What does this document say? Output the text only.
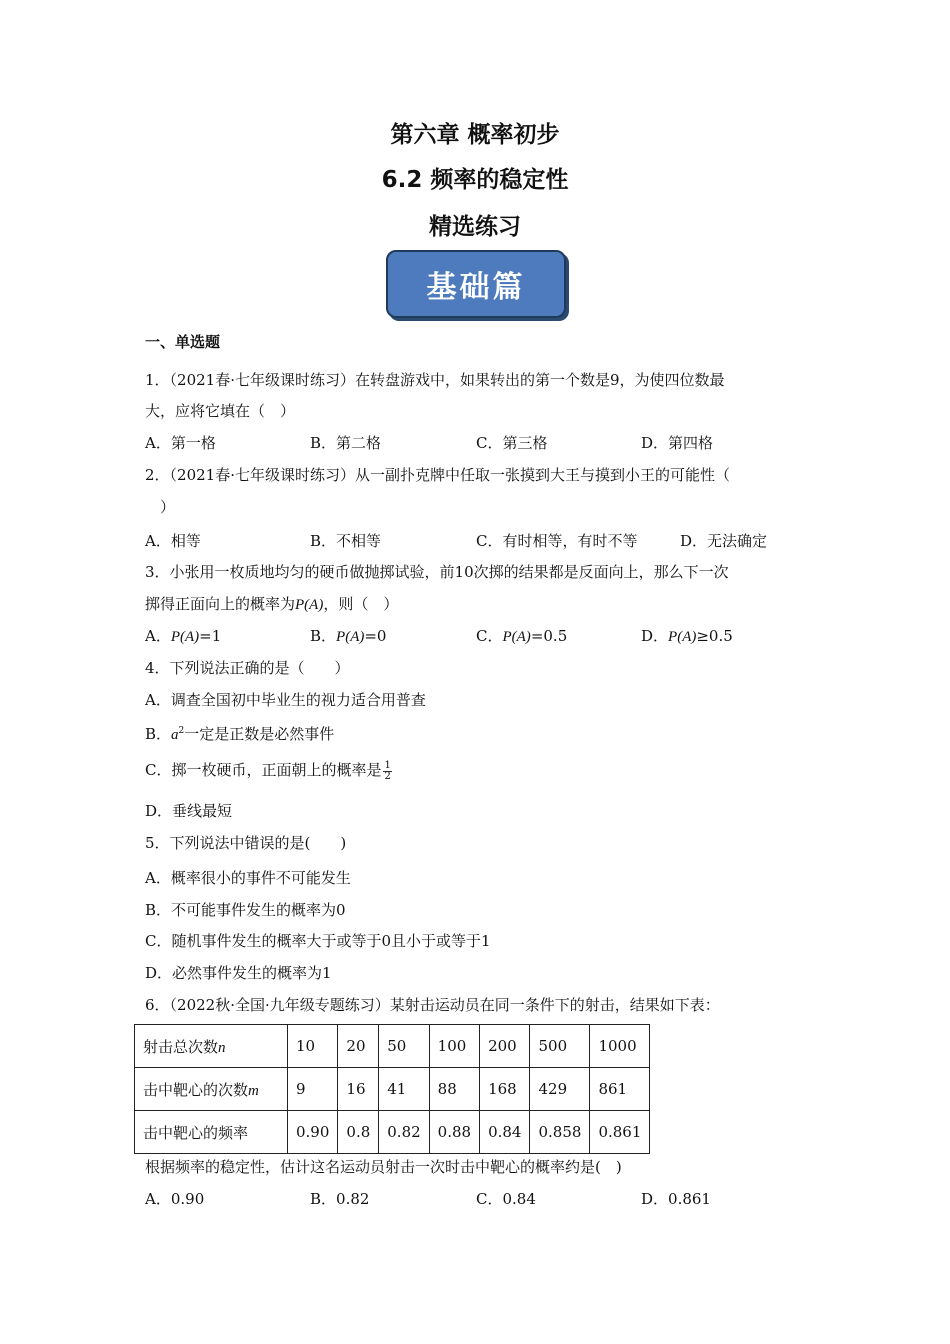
第六章 概率初步
6.2 频率的稳定性
精选练习
基础篇
一、单选题
1．（2021春·七年级课时练习）在转盘游戏中，如果转出的第一个数是9，为使四位数最
大，应将它填在（　）
A．第一格	B．第二格	C．第三格	D．第四格
2．（2021春·七年级课时练习）从一副扑克牌中任取一张摸到大王与摸到小王的可能性（
）
A．相等	B．不相等	C．有时相等，有时不等	D．无法确定
3．小张用一枚质地均匀的硬币做抛掷试验，前10次掷的结果都是反面向上，那么下一次
掷得正面向上的概率为P(A)，则（　）
A．P(A)=1	B．P(A)=0	C．P(A)=0.5	D．P(A)≥0.5
4．下列说法正确的是（　　）
A．调查全国初中毕业生的视力适合用普查
B．$a^2$一定是正数是必然事件
C．掷一枚硬币，正面朝上的概率是 $\frac{1}{2}$
D．垂线最短
5．下列说法中错误的是(　　)
A．概率很小的事件不可能发生
B．不可能事件发生的概率为0
C．随机事件发生的概率大于或等于0且小于或等于1
D．必然事件发生的概率为1
6．（2022秋·全国·九年级专题练习）某射击运动员在同一条件下的射击，结果如下表：
射击总次数n	10	20	50	100	200	500	1000
击中靶心的次数m	9	16	41	88	168	429	861
击中靶心的频率	0.90	0.8	0.82	0.88	0.84	0.858	0.861
根据频率的稳定性，估计这名运动员射击一次时击中靶心的概率约是(　)
A．0.90	B．0.82	C．0.84	D．0.861
